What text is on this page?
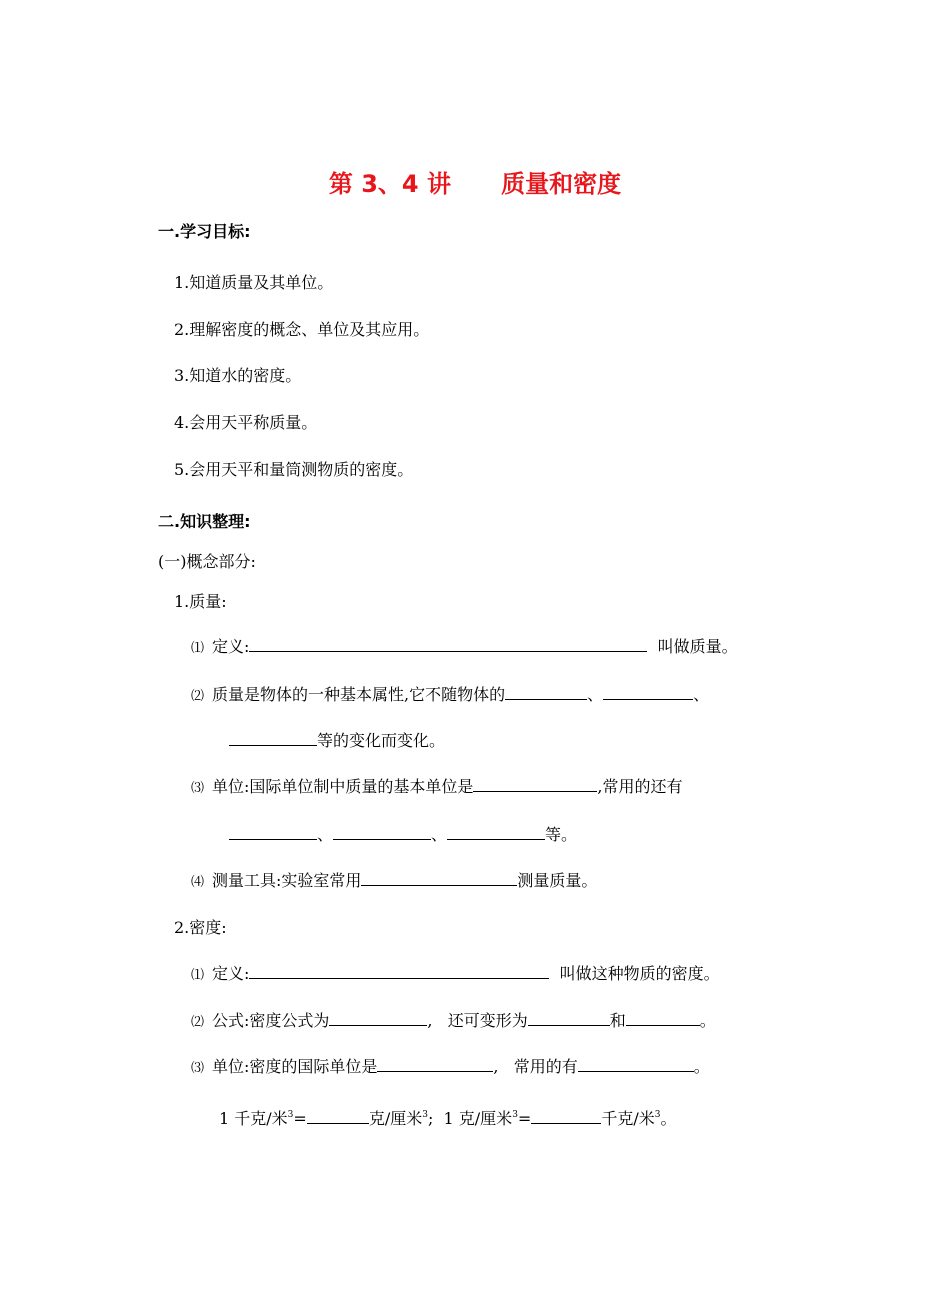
第 3、4 讲      质量和密度
一.学习目标:
1.知道质量及其单位。
2.理解密度的概念、单位及其应用。
3.知道水的密度。
4.会用天平称质量。
5.会用天平和量筒测物质的密度。
二.知识整理:
(一)概念部分:
1.质量:
⑴ 定义:	叫做质量。
⑵ 质量是物体的一种基本属性,它不随物体的	、	、
等的变化而变化。
⑶ 单位:国际单位制中质量的基本单位是	,常用的还有
、	、	等。
⑷ 测量工具:实验室常用	测量质量。
2.密度:
⑴ 定义:	叫做这种物质的密度。
⑵ 公式:密度公式为	,   还可变形为	和	。
⑶ 单位:密度的国际单位是	,   常用的有	。
1 千克/米$^3$=	克/厘米$^3$;  1 克/厘米$^3$=	千克/米$^3$。
